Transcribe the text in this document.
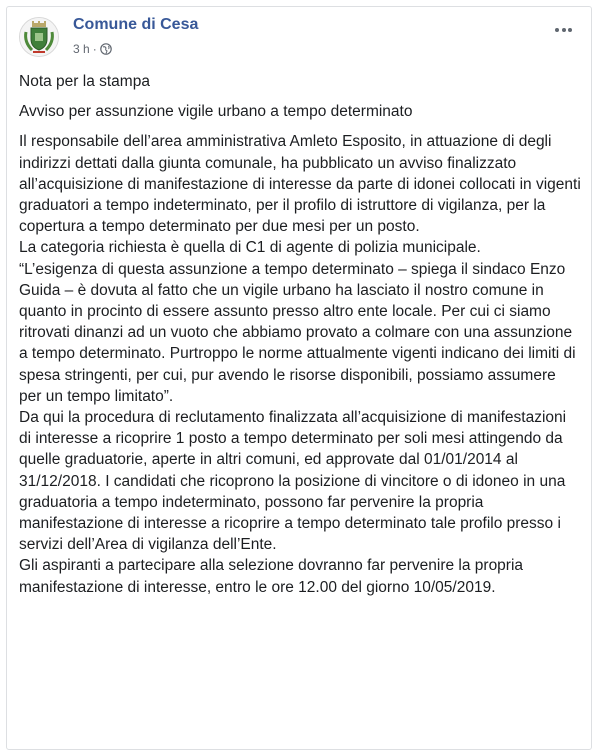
Comune di Cesa
3 h ·

Nota per la stampa

Avviso per assunzione vigile urbano a tempo determinato

Il responsabile dell’area amministrativa Amleto Esposito, in attuazione di degli indirizzi dettati dalla giunta comunale, ha pubblicato un avviso finalizzato all’acquisizione di manifestazione di interesse da parte di idonei collocati in vigenti graduatori a tempo indeterminato, per il profilo di istruttore di vigilanza, per la copertura a tempo determinato per due mesi per un posto.

La categoria richiesta è quella di C1 di agente di polizia municipale.

“L’esigenza di questa assunzione a tempo determinato – spiega il sindaco Enzo Guida – è dovuta al fatto che un vigile urbano ha lasciato il nostro comune in quanto in procinto di essere assunto presso altro ente locale. Per cui ci siamo ritrovati dinanzi ad un vuoto che abbiamo provato a colmare con una assunzione a tempo determinato. Purtroppo le norme attualmente vigenti indicano dei limiti di spesa stringenti, per cui, pur avendo le risorse disponibili, possiamo assumere per un tempo limitato”.

Da qui la procedura di reclutamento finalizzata all’acquisizione di manifestazioni di interesse a ricoprire 1 posto a tempo determinato per soli mesi attingendo da quelle graduatorie, aperte in altri comuni, ed approvate dal 01/01/2014 al 31/12/2018. I candidati che ricoprono la posizione di vincitore o di idoneo in una graduatoria a tempo indeterminato, possono far pervenire la propria manifestazione di interesse a ricoprire a tempo determinato tale profilo presso i servizi dell’Area di vigilanza dell’Ente.

Gli aspiranti a partecipare alla selezione dovranno far pervenire la propria manifestazione di interesse, entro le ore 12.00 del giorno 10/05/2019.
